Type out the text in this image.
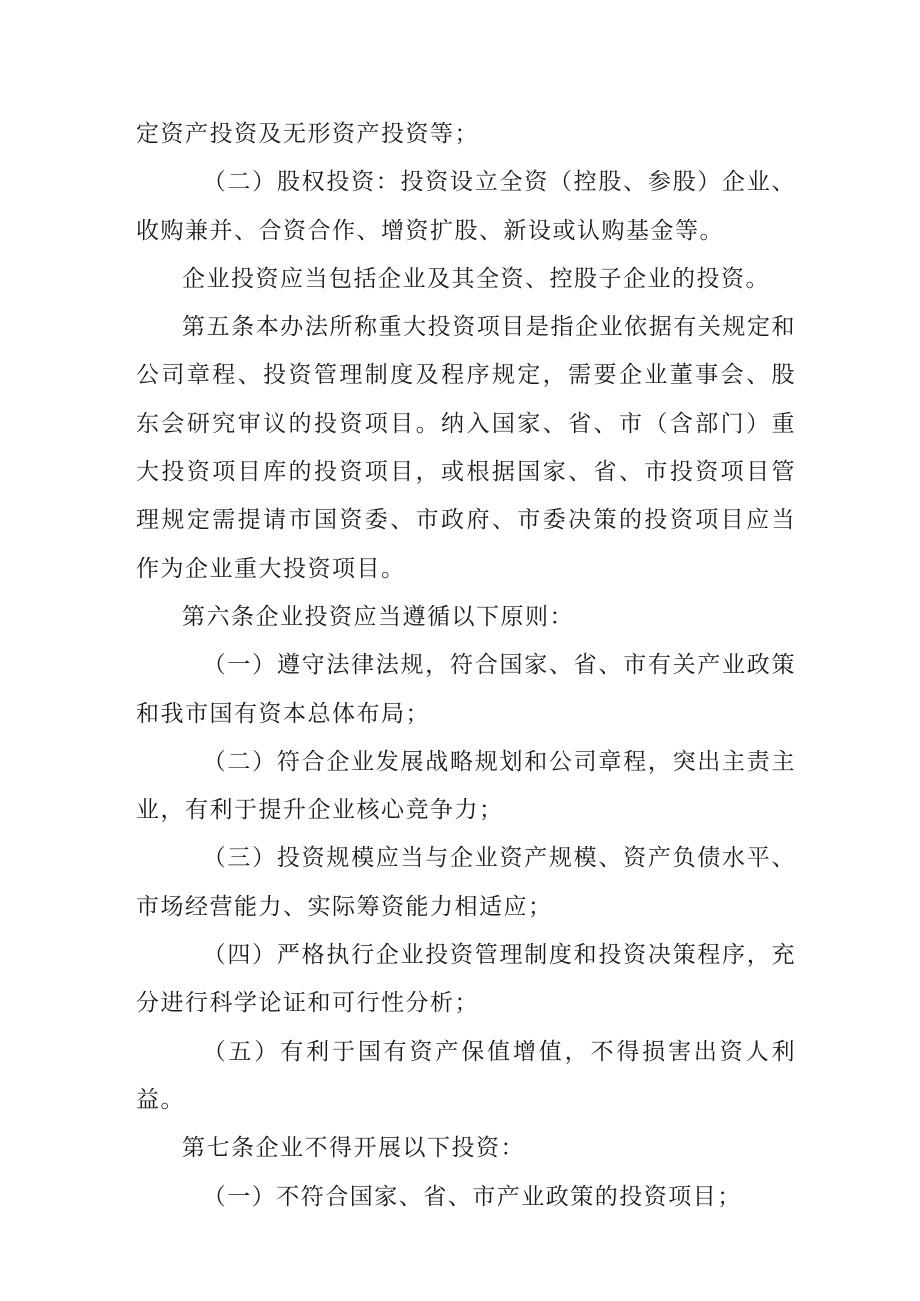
定资产投资及无形资产投资等；

（二）股权投资：投资设立全资（控股、参股）企业、收购兼并、合资合作、增资扩股、新设或认购基金等。

企业投资应当包括企业及其全资、控股子企业的投资。

第五条本办法所称重大投资项目是指企业依据有关规定和公司章程、投资管理制度及程序规定，需要企业董事会、股东会研究审议的投资项目。纳入国家、省、市（含部门）重大投资项目库的投资项目，或根据国家、省、市投资项目管理规定需提请市国资委、市政府、市委决策的投资项目应当作为企业重大投资项目。

第六条企业投资应当遵循以下原则：

（一）遵守法律法规，符合国家、省、市有关产业政策和我市国有资本总体布局；

（二）符合企业发展战略规划和公司章程，突出主责主业，有利于提升企业核心竞争力；

（三）投资规模应当与企业资产规模、资产负债水平、市场经营能力、实际筹资能力相适应；

（四）严格执行企业投资管理制度和投资决策程序，充分进行科学论证和可行性分析；

（五）有利于国有资产保值增值，不得损害出资人利益。

第七条企业不得开展以下投资：

（一）不符合国家、省、市产业政策的投资项目；
